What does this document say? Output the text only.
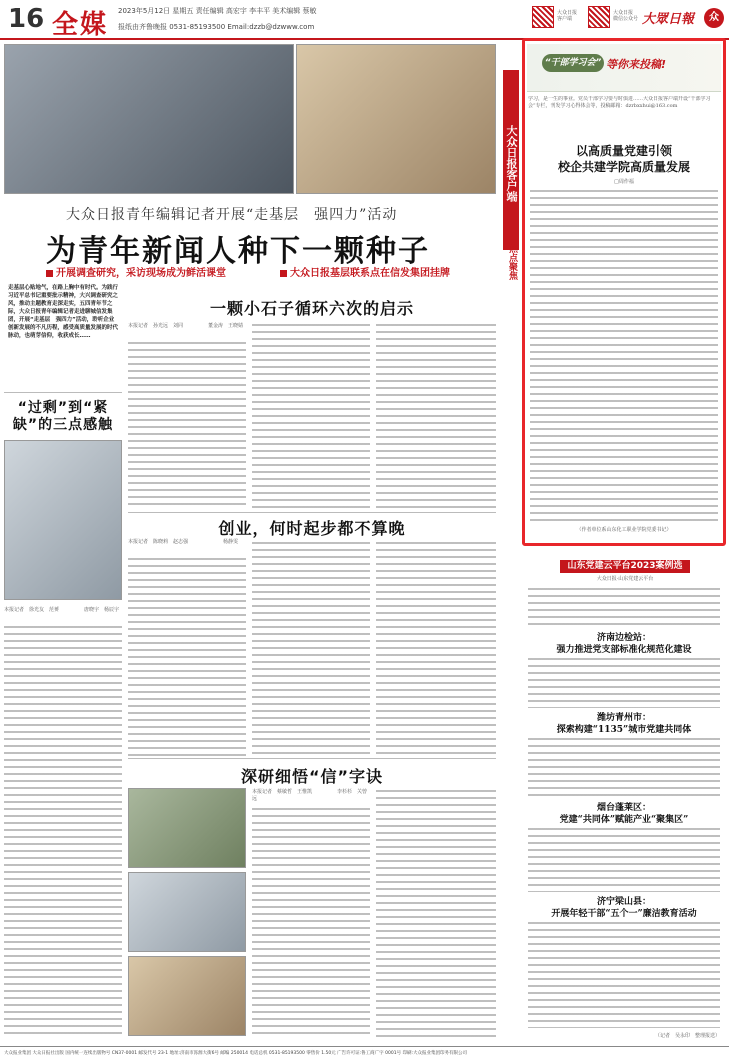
16 全媒 2023年5月12日 星期五 责任编辑 高宏宇 李丰平 美术编辑 蔡敏
报纸由齐鲁晚报 0531-85193500 Email:dzzb@dzwww.com
大众日报 客户端
大众日报 微信公众号 大眾日報	众
大众日报青年编辑记者开展“走基层　强四力”活动
为青年新闻人种下一颗种子
开展调查研究，采访现场成为鲜活课堂	大众日报基层联系点在信发集团挂牌
走基层心贴地气，在路上胸中有时代。为践行习近平总书记重要批示精神，大兴调查研究之风，推动主题教育走深走实，五四青年节之际，大众日报青年编辑记者走进聊城信发集团，开展“走基层　强四力”活动，聆听企业创新发展的不凡历程，感受高质量发展的时代脉动，也萌芽信仰，收获成长……
“过剩”到“紧缺”的三点感触
本报记者　徐光友　范赟　　　　　唐晓宇　杨辰宇
一颗小石子循环六次的启示
本报记者　孙光远　刘同　　　　　董金涛　王晓婧
创业，何时起步都不算晚
本报记者　陈晓莉　赵志强　　　　　　　杨静雯
深研细悟“信”字诀
本报记者　蔡敏哲　王惟凯　　　　　李杉杉　关曾远
大众日报客户端
热点聚焦
“干部学习会” 等你来投稿!
学习，是一生的事业。党员干部学习要与时俱进……大众日报客户端开设“干部学习会”专栏，刊发学习心得体会等，投稿邮箱：dzrbxxhui@163.com
以高质量党建引领
校企共建学院高质量发展
□周作福
（作者单位系山东化工职业学院党委书记）
山东党建云平台2023案例选
大众日报·山东党建云平台
济南边检站：
强力推进党支部标准化规范化建设
潍坊青州市：
探索构建“1135”城市党建共同体
烟台蓬莱区：
党建“共同体”赋能产业“聚集区”
济宁梁山县：
开展年轻干部“五个一”廉洁教育活动
（记者　吴永印　整理报送）
大众报业集团 大众日报社出版 国内统一连续出版物号 CN37-0001 邮发代号 23-1 地址:济南市泺源大街6号 邮编 250014 电话总机 0531-85193500 零售价 1.50元 广告许可证:鲁工商广字 0001号 印刷:大众报业集团印务有限公司
